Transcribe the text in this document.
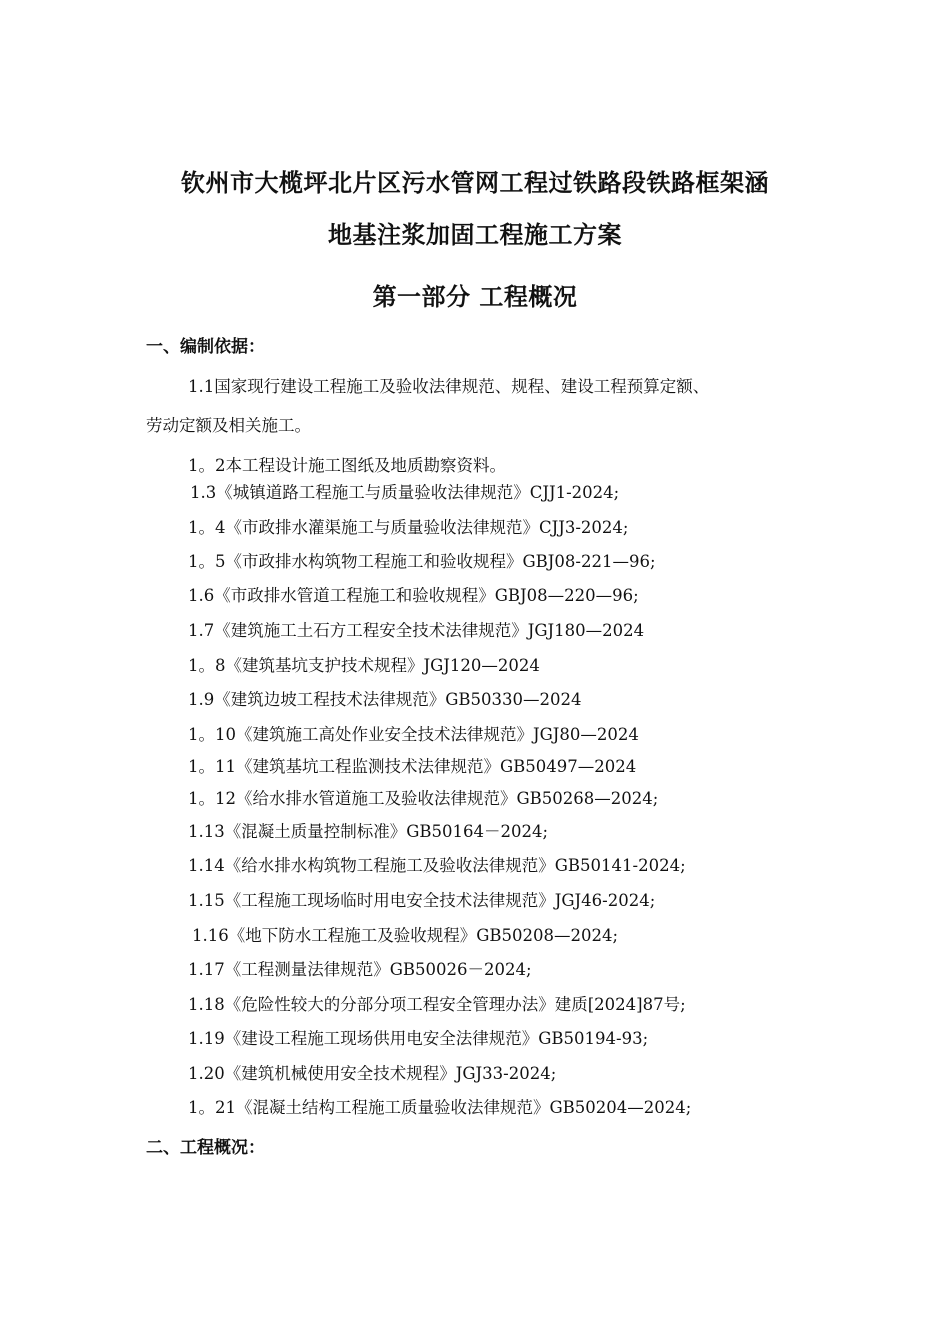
钦州市大榄坪北片区污水管网工程过铁路段铁路框架涵
地基注浆加固工程施工方案
第一部分 工程概况
一、编制依据：
1.1国家现行建设工程施工及验收法律规范、规程、建设工程预算定额、
劳动定额及相关施工。
1。2本工程设计施工图纸及地质勘察资料。
1.3《城镇道路工程施工与质量验收法律规范》CJJ1-2024;
1。4《市政排水灌渠施工与质量验收法律规范》CJJ3-2024;
1。5《市政排水构筑物工程施工和验收规程》GBJ08-221—96;
1.6《市政排水管道工程施工和验收规程》GBJ08—220—96;
1.7《建筑施工土石方工程安全技术法律规范》JGJ180—2024
1。8《建筑基坑支护技术规程》JGJ120—2024
1.9《建筑边坡工程技术法律规范》GB50330—2024
1。10《建筑施工高处作业安全技术法律规范》JGJ80—2024
1。11《建筑基坑工程监测技术法律规范》GB50497—2024
1。12《给水排水管道施工及验收法律规范》GB50268—2024;
1.13《混凝土质量控制标准》GB50164－2024;
1.14《给水排水构筑物工程施工及验收法律规范》GB50141-2024;
1.15《工程施工现场临时用电安全技术法律规范》JGJ46-2024;
1.16《地下防水工程施工及验收规程》GB50208—2024;
1.17《工程测量法律规范》GB50026－2024;
1.18《危险性较大的分部分项工程安全管理办法》建质[2024]87号;
1.19《建设工程施工现场供用电安全法律规范》GB50194-93;
1.20《建筑机械使用安全技术规程》JGJ33-2024;
1。21《混凝土结构工程施工质量验收法律规范》GB50204—2024;
二、工程概况：
